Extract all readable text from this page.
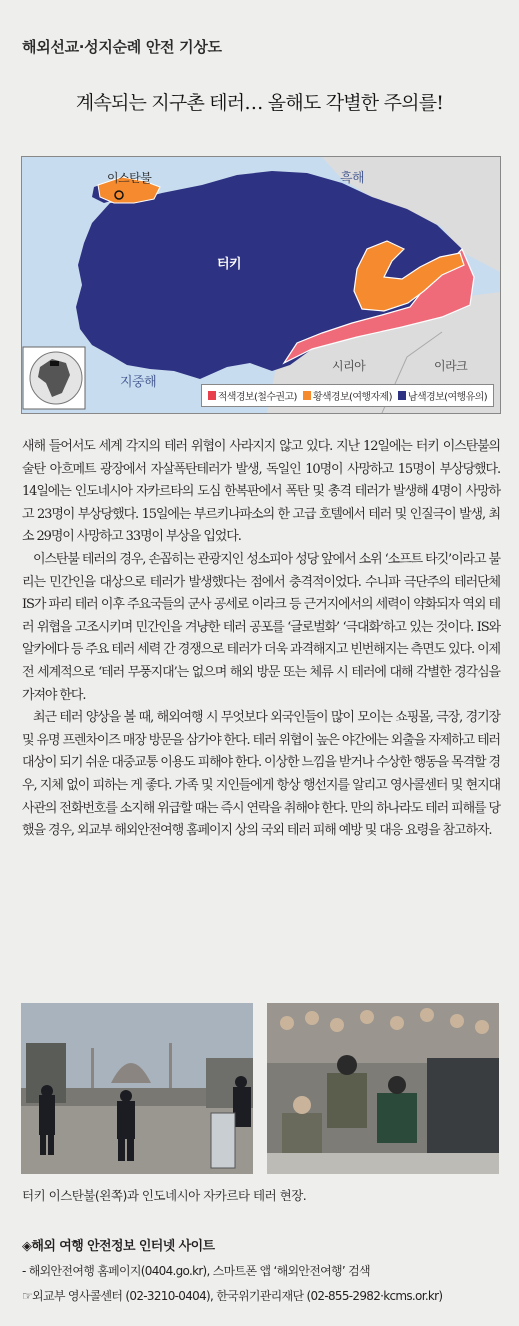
해외선교·성지순례 안전 기상도
계속되는 지구촌 테러… 올해도 각별한 주의를!
이스탄불	흑해
터키
시리아	이라크
지중해
적색경보(철수권고) 황색경보(여행자제) 남색경보(여행유의)

새해 들어서도 세계 각지의 테러 위협이 사라지지 않고 있다. 지난 12일에는 터키 이스탄불의 술탄 아흐메트 광장에서 자살폭탄테러가 발생, 독일인 10명이 사망하고 15명이 부상당했다. 14일에는 인도네시아 자카르타의 도심 한복판에서 폭탄 및 총격 테러가 발생해 4명이 사망하고 23명이 부상당했다. 15일에는 부르키나파소의 한 고급 호텔에서 테러 및 인질극이 발생, 최소 29명이 사망하고 33명이 부상을 입었다.

이스탄불 테러의 경우, 손꼽히는 관광지인 성소피아 성당 앞에서 소위 ‘소프트 타깃’이라고 불리는 민간인을 대상으로 테러가 발생했다는 점에서 충격적이었다. 수니파 극단주의 테러단체 IS가 파리 테러 이후 주요국들의 군사 공세로 이라크 등 근거지에서의 세력이 약화되자 역외 테러 위협을 고조시키며 민간인을 겨냥한 테러 공포를 ‘글로벌화’ ‘극대화’하고 있는 것이다. IS와 알카에다 등 주요 테러 세력 간 경쟁으로 테러가 더욱 과격해지고 빈번해지는 측면도 있다. 이제 전 세계적으로 ‘테러 무풍지대’는 없으며 해외 방문 또는 체류 시 테러에 대해 각별한 경각심을 가져야 한다.

최근 테러 양상을 볼 때, 해외여행 시 무엇보다 외국인들이 많이 모이는 쇼핑몰, 극장, 경기장 및 유명 프렌차이즈 매장 방문을 삼가야 한다. 테러 위협이 높은 야간에는 외출을 자제하고 테러 대상이 되기 쉬운 대중교통 이용도 피해야 한다. 이상한 느낌을 받거나 수상한 행동을 목격할 경우, 지체 없이 피하는 게 좋다. 가족 및 지인들에게 항상 행선지를 알리고 영사콜센터 및 현지대사관의 전화번호를 소지해 위급할 때는 즉시 연락을 취해야 한다. 만의 하나라도 테러 피해를 당했을 경우, 외교부 해외안전여행 홈페이지 상의 국외 테러 피해 예방 및 대응 요령을 참고하자.

터키 이스탄불(왼쪽)과 인도네시아 자카르타 테러 현장.
◈해외 여행 안전정보 인터넷 사이트
- 해외안전여행 홈페이지(0404.go.kr), 스마트폰 앱 ‘해외안전여행’ 검색
☞외교부 영사콜센터 (02-3210-0404), 한국위기관리재단 (02-855-2982·kcms.or.kr)
